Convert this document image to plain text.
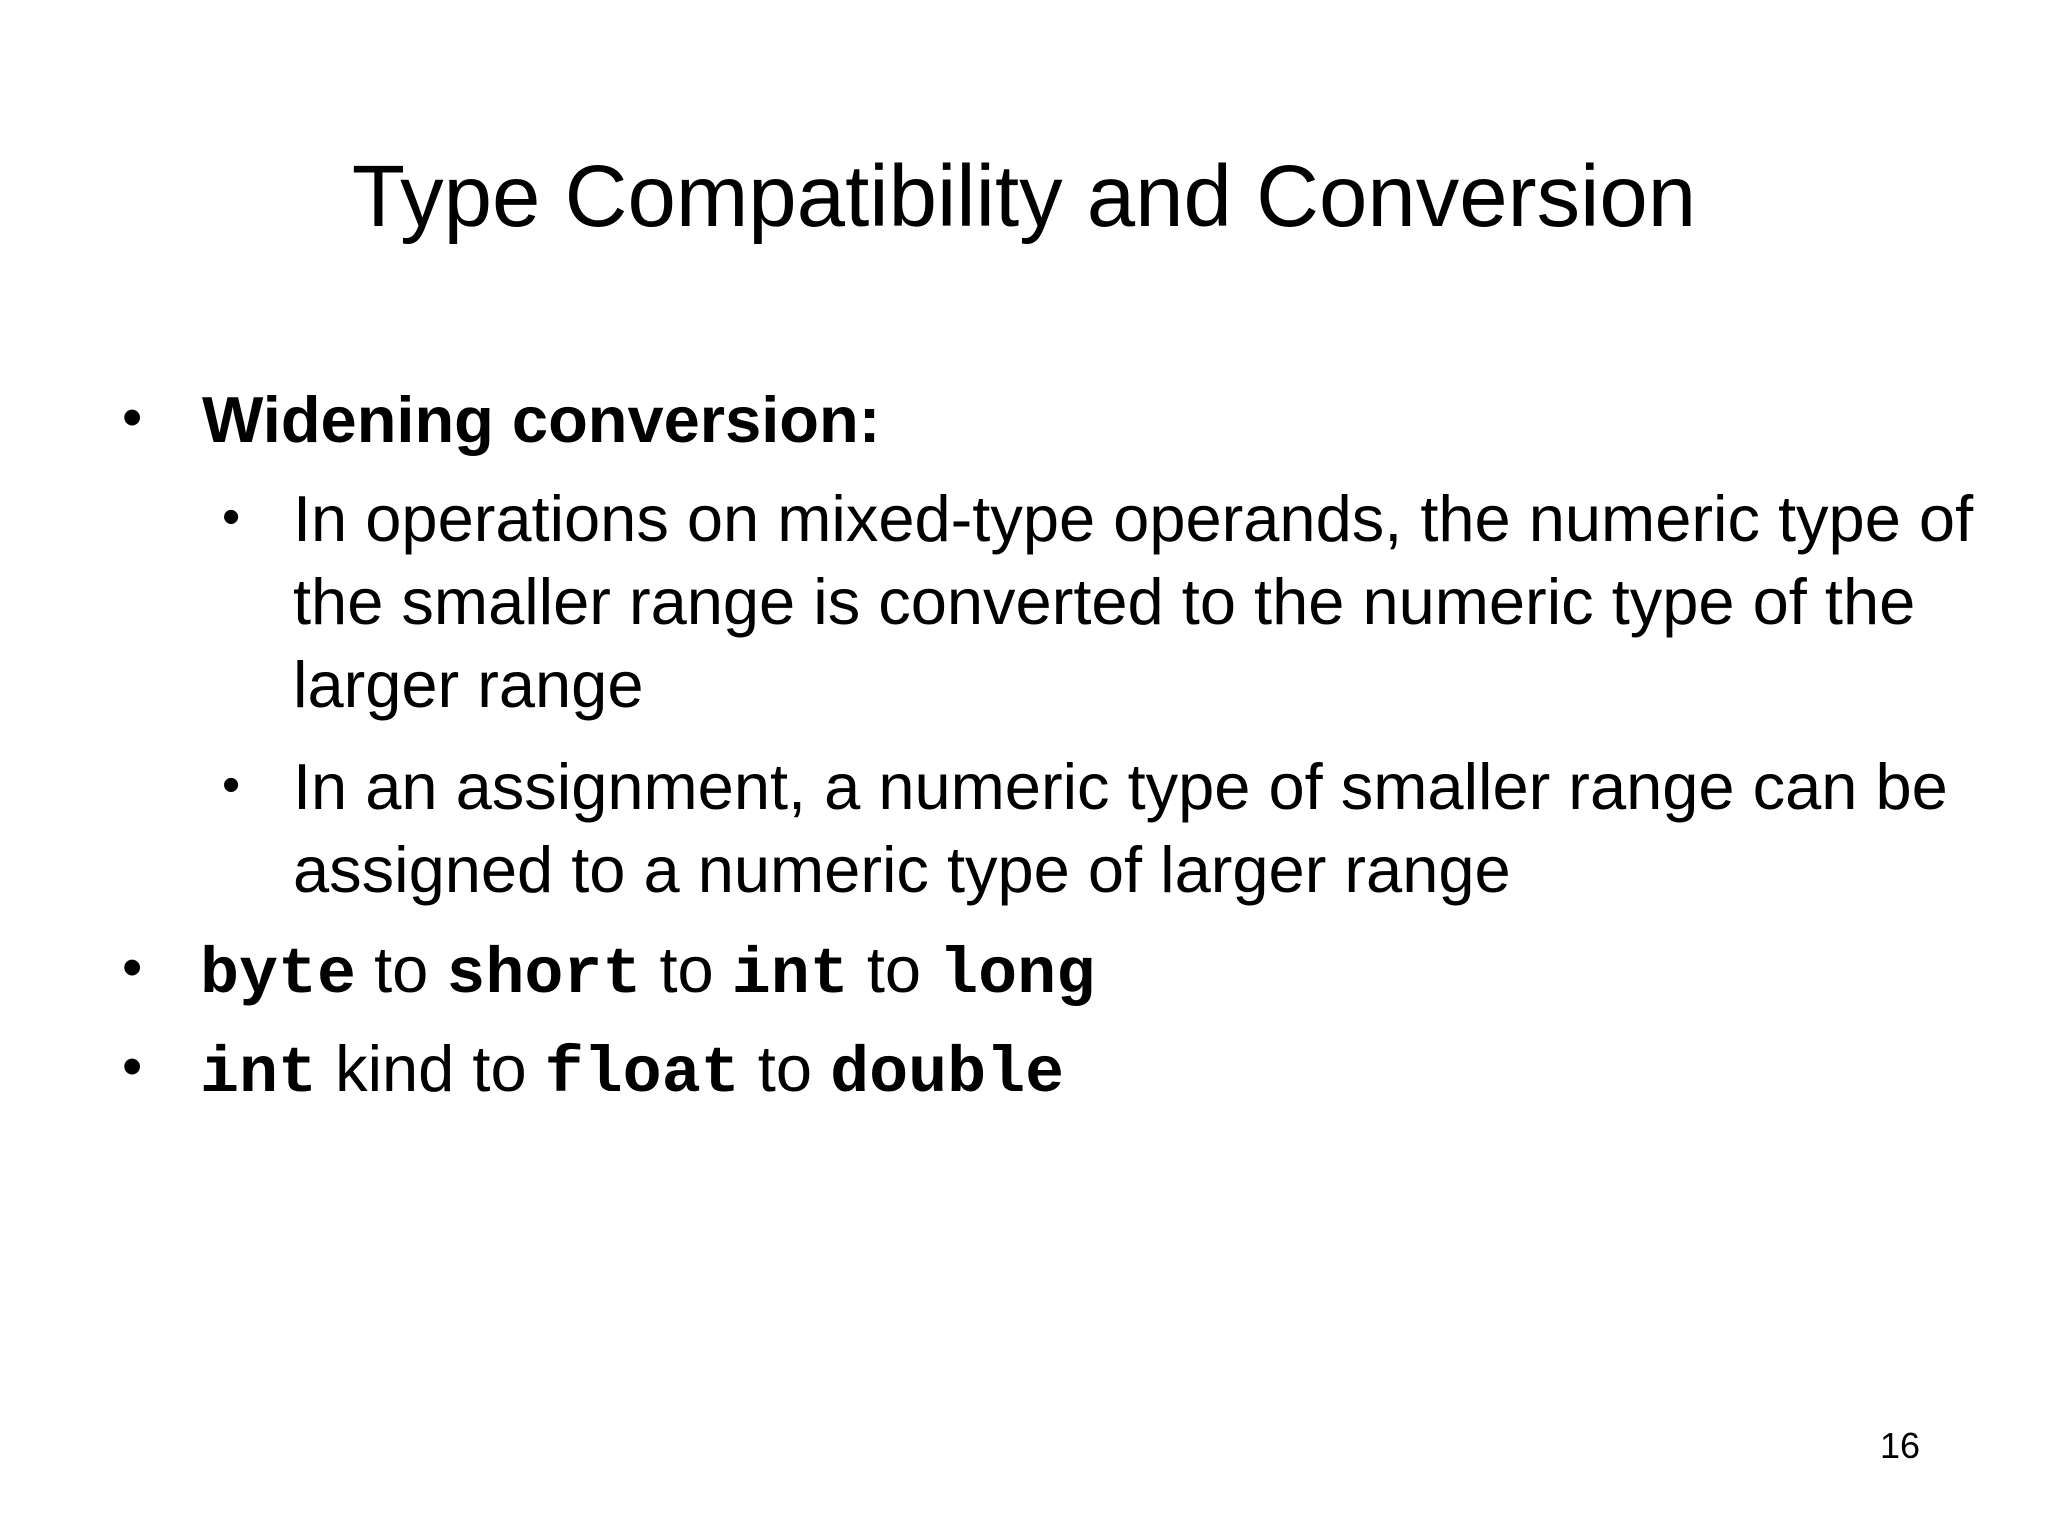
Type Compatibility and Conversion
• Widening conversion:
• In operations on mixed-type operands, the numeric type of the smaller range is converted to the numeric type of the larger range
• In an assignment, a numeric type of smaller range can be assigned to a numeric type of larger range
• byte to short to int to long
• int kind to float to double
16
